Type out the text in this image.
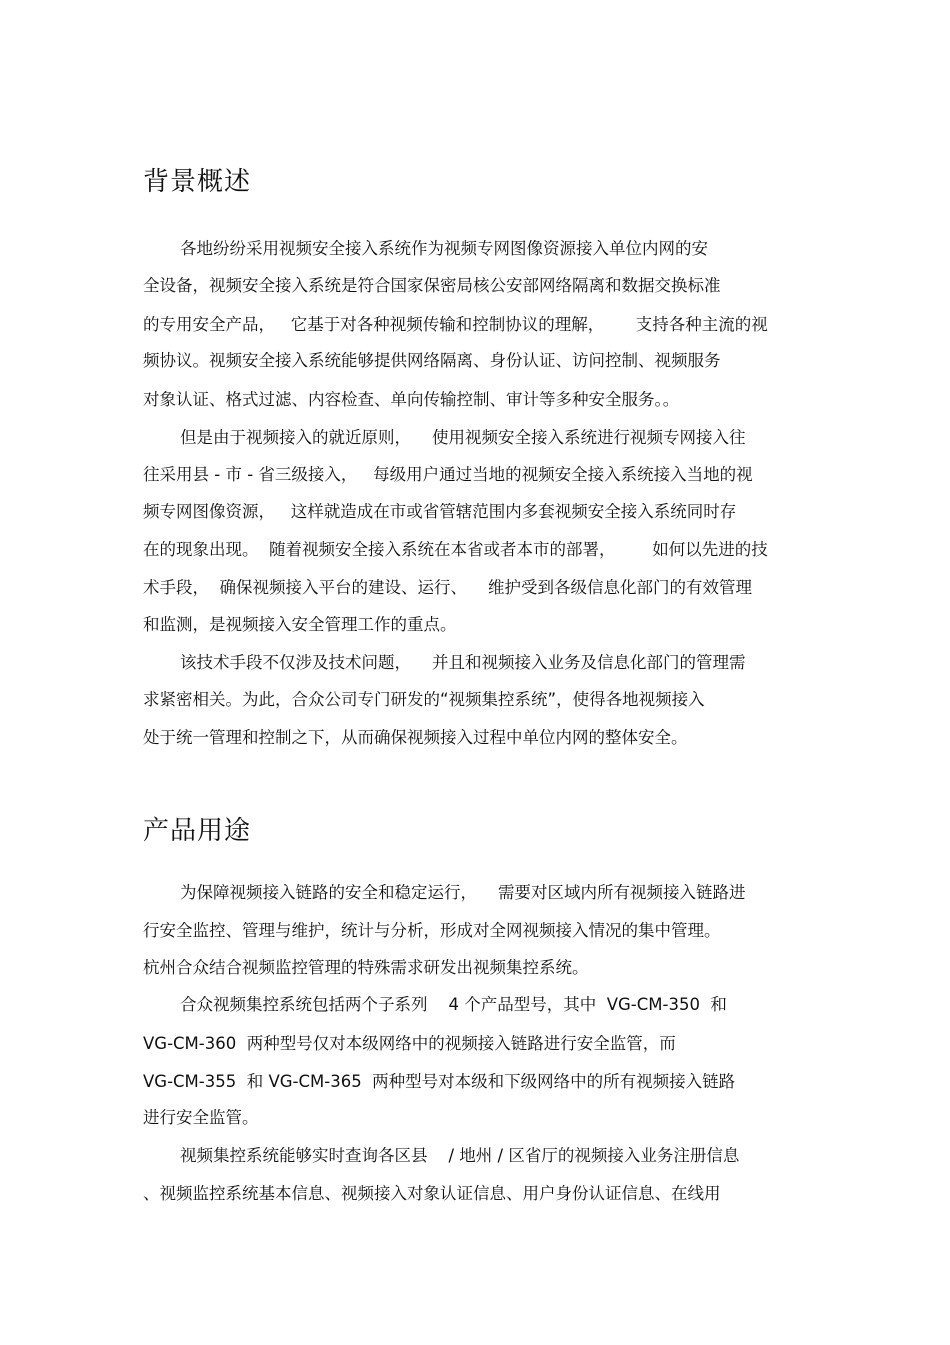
背景概述

各地纷纷采用视频安全接入系统作为视频专网图像资源接入单位内网的安

全设备，视频安全接入系统是符合国家保密局核公安部网络隔离和数据交换标准

的专用安全产品，   它基于对各种视频传输和控制协议的理解，      支持各种主流的视

频协议。视频安全接入系统能够提供网络隔离、身份认证、访问控制、视频服务

对象认证、格式过滤、内容检查、单向传输控制、审计等多种安全服务。。

但是由于视频接入的就近原则，    使用视频安全接入系统进行视频专网接入往

往采用县 - 市 - 省三级接入，   每级用户通过当地的视频安全接入系统接入当地的视

频专网图像资源，   这样就造成在市或省管辖范围内多套视频安全接入系统同时存

在的现象出现。  随着视频安全接入系统在本省或者本市的部署，       如何以先进的技

术手段，  确保视频接入平台的建设、运行、    维护受到各级信息化部门的有效管理

和监测，是视频接入安全管理工作的重点。

该技术手段不仅涉及技术问题，    并且和视频接入业务及信息化部门的管理需

求紧密相关。为此，合众公司专门研发的“视频集控系统”，使得各地视频接入

处于统一管理和控制之下，从而确保视频接入过程中单位内网的整体安全。

产品用途

为保障视频接入链路的安全和稳定运行，    需要对区域内所有视频接入链路进

行安全监控、管理与维护，统计与分析，形成对全网视频接入情况的集中管理。

杭州合众结合视频监控管理的特殊需求研发出视频集控系统。

合众视频集控系统包括两个子系列    4 个产品型号，其中  VG-CM-350  和

VG-CM-360  两种型号仅对本级网络中的视频接入链路进行安全监管，而

VG-CM-355  和 VG-CM-365  两种型号对本级和下级网络中的所有视频接入链路

进行安全监管。

视频集控系统能够实时查询各区县    / 地州 / 区省厅的视频接入业务注册信息

、视频监控系统基本信息、视频接入对象认证信息、用户身份认证信息、在线用
